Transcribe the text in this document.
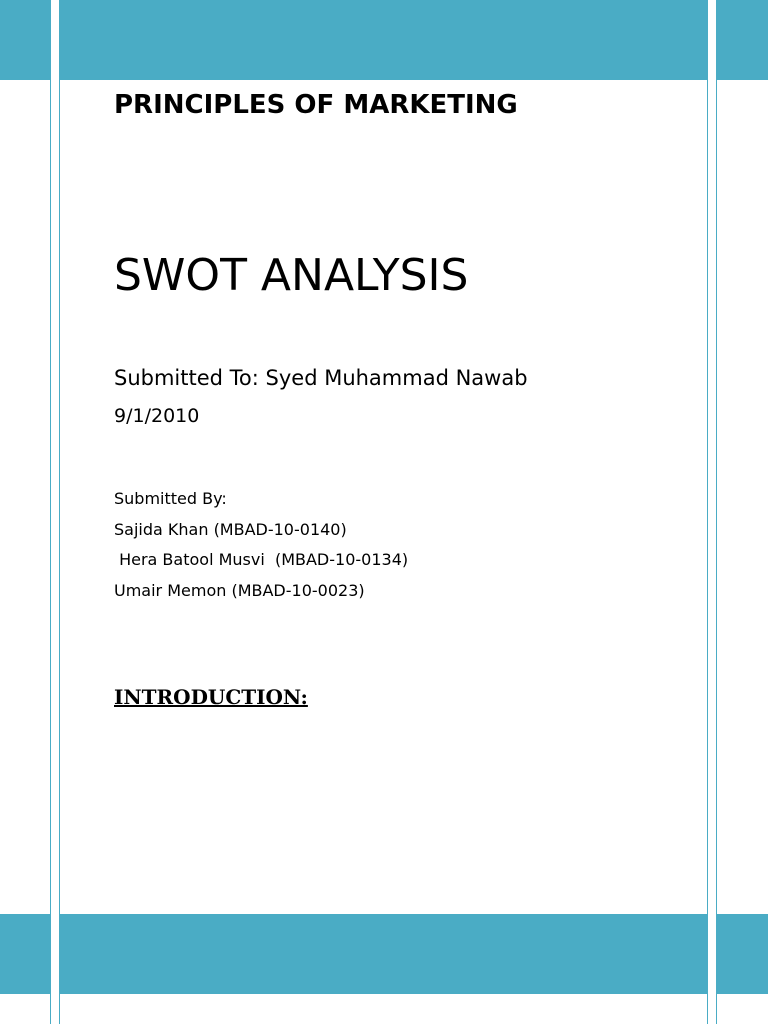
PRINCIPLES OF MARKETING
SWOT ANALYSIS
Submitted To: Syed Muhammad Nawab
9/1/2010
Submitted By:
Sajida Khan (MBAD-10-0140)
Hera Batool Musvi  (MBAD-10-0134)
Umair Memon (MBAD-10-0023)
INTRODUCTION:
